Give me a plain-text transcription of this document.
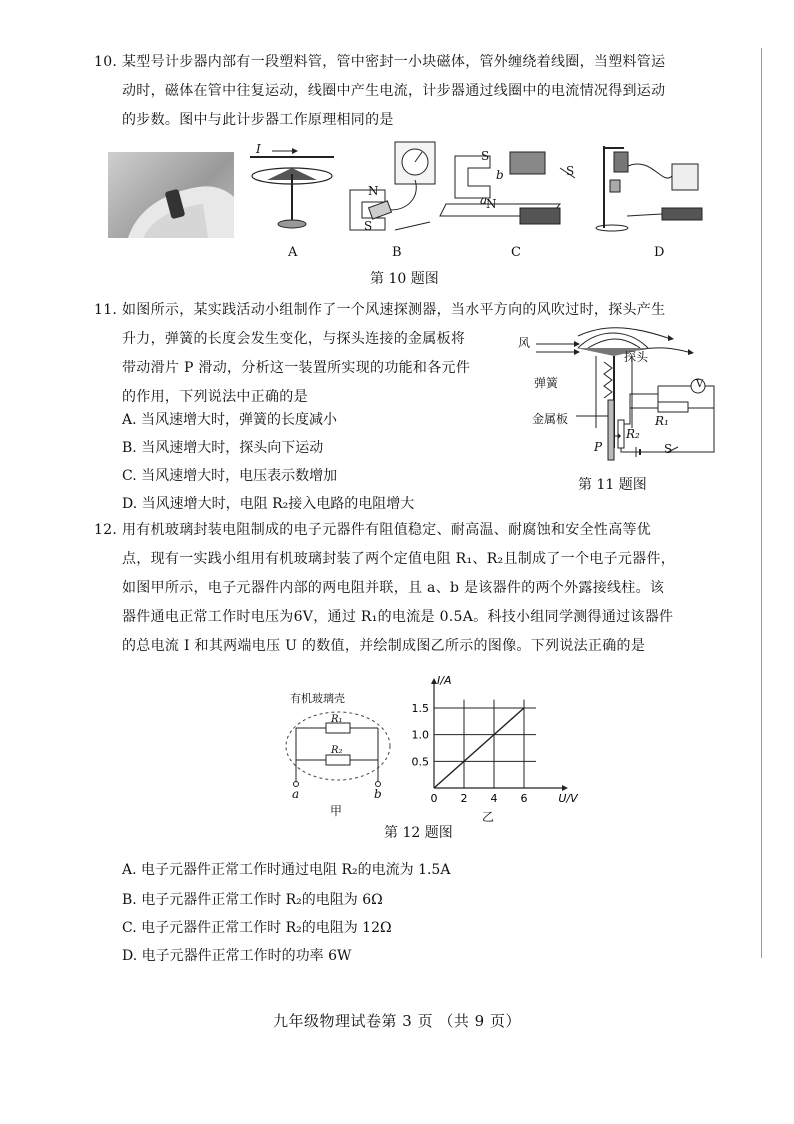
10. 某型号计步器内部有一段塑料管，管中密封一小块磁体，管外缠绕着线圈，当塑料管运
动时，磁体在管中往复运动，线圈中产生电流，计步器通过线圈中的电流情况得到运动
的步数。图中与此计步器工作原理相同的是
I
N
S
S
a
b
N
S
A	B	C	D
第 10 题图
11. 如图所示，某实践活动小组制作了一个风速探测器，当水平方向的风吹过时，探头产生
升力，弹簧的长度会发生变化，与探头连接的金属板将
带动滑片 P 滑动，分析这一装置所实现的功能和各元件
的作用，下列说法中正确的是
A. 当风速增大时，弹簧的长度减小
B. 当风速增大时，探头向下运动
C. 当风速增大时，电压表示数增加
D. 当风速增大时，电阻 R₂接入电路的电阻增大
风
探头
弹簧
金属板
V
R₁
R₂
P	S
第 11 题图
12. 用有机玻璃封装电阻制成的电子元器件有阻值稳定、耐高温、耐腐蚀和安全性高等优
点，现有一实践小组用有机玻璃封装了两个定值电阻 R₁、R₂且制成了一个电子元器件，
如图甲所示，电子元器件内部的两电阻并联，且 a、b 是该器件的两个外露接线柱。该
器件通电正常工作时电压为6V，通过 R₁的电流是 0.5A。科技小组同学测得通过该器件
的总电流 I 和其两端电压 U 的数值，并绘制成图乙所示的图像。下列说法正确的是
有机玻璃壳
R₁
R₂
a	b
甲
0 2 4 6
0.5
1.0
1.5
U/V
I/A
乙
第 12 题图
A. 电子元器件正常工作时通过电阻 R₂的电流为 1.5A
B. 电子元器件正常工作时 R₂的电阻为 6Ω
C. 电子元器件正常工作时 R₂的电阻为 12Ω
D. 电子元器件正常工作时的功率 6W
九年级物理试卷第 3 页 （共 9 页）
